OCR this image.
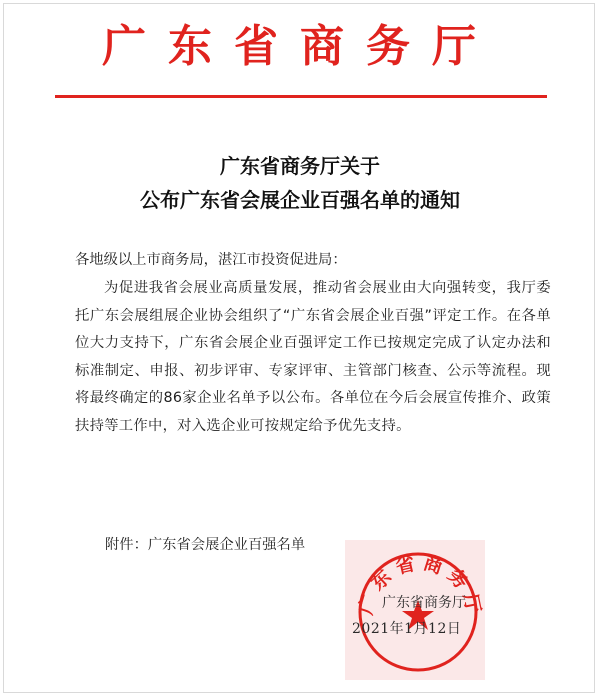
广东省商务厅
广东省商务厅关于
公布广东省会展企业百强名单的通知
各地级以上市商务局，湛江市投资促进局：
为促进我省会展业高质量发展，推动省会展业由大向强转变，我厅委托广东会展组展企业协会组织了“广东省会展企业百强”评定工作。在各单位大力支持下，广东省会展企业百强评定工作已按规定完成了认定办法和标准制定、申报、初步评审、专家评审、主管部门核查、公示等流程。现将最终确定的86家企业名单予以公布。各单位在今后会展宣传推介、政策扶持等工作中，对入选企业可按规定给予优先支持。
附件：广东省会展企业百强名单
广东省商务厅
广东省商务厅
2021年1月12日
